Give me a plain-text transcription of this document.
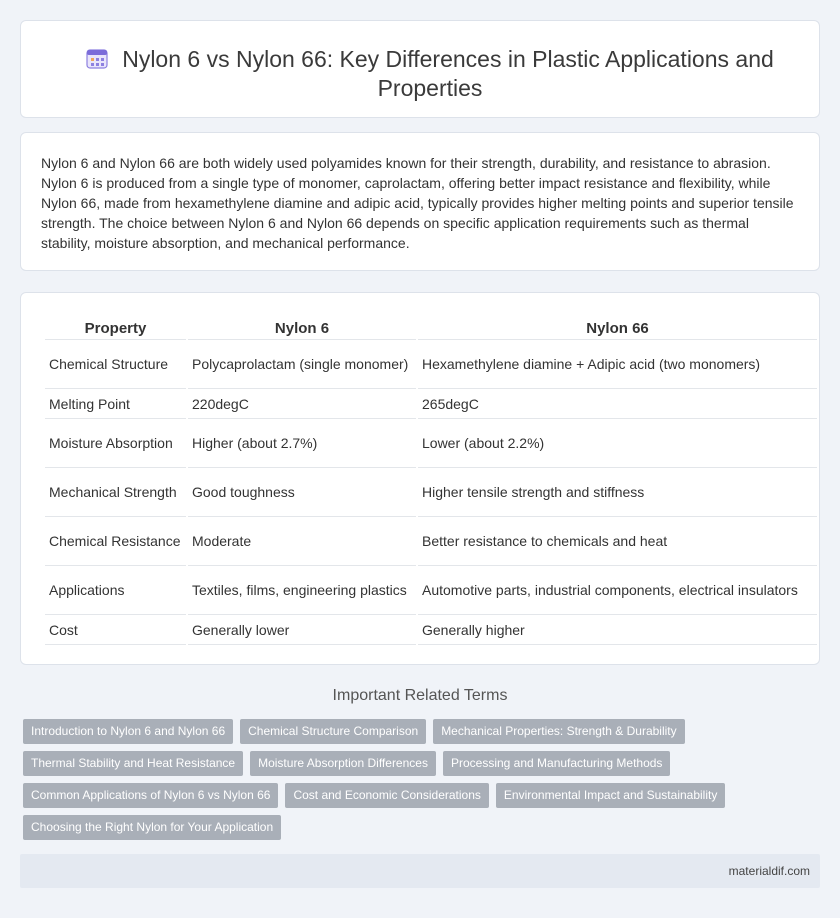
Nylon 6 vs Nylon 66: Key Differences in Plastic Applications and Properties

Nylon 6 and Nylon 66 are both widely used polyamides known for their strength, durability, and resistance to abrasion. Nylon 6 is produced from a single type of monomer, caprolactam, offering better impact resistance and flexibility, while Nylon 66, made from hexamethylene diamine and adipic acid, typically provides higher melting points and superior tensile strength. The choice between Nylon 6 and Nylon 66 depends on specific application requirements such as thermal stability, moisture absorption, and mechanical performance.

Property	Nylon 6	Nylon 66
Chemical Structure	Polycaprolactam (single monomer)	Hexamethylene diamine + Adipic acid (two monomers)
Melting Point	220degC	265degC
Moisture Absorption	Higher (about 2.7%)	Lower (about 2.2%)
Mechanical Strength	Good toughness	Higher tensile strength and stiffness
Chemical Resistance	Moderate	Better resistance to chemicals and heat
Applications	Textiles, films, engineering plastics	Automotive parts, industrial components, electrical insulators
Cost	Generally lower	Generally higher
Important Related Terms
Introduction to Nylon 6 and Nylon 66	Chemical Structure Comparison	Mechanical Properties: Strength & Durability
Thermal Stability and Heat Resistance	Moisture Absorption Differences	Processing and Manufacturing Methods
Common Applications of Nylon 6 vs Nylon 66	Cost and Economic Considerations	Environmental Impact and Sustainability
Choosing the Right Nylon for Your Application
materialdif.com
